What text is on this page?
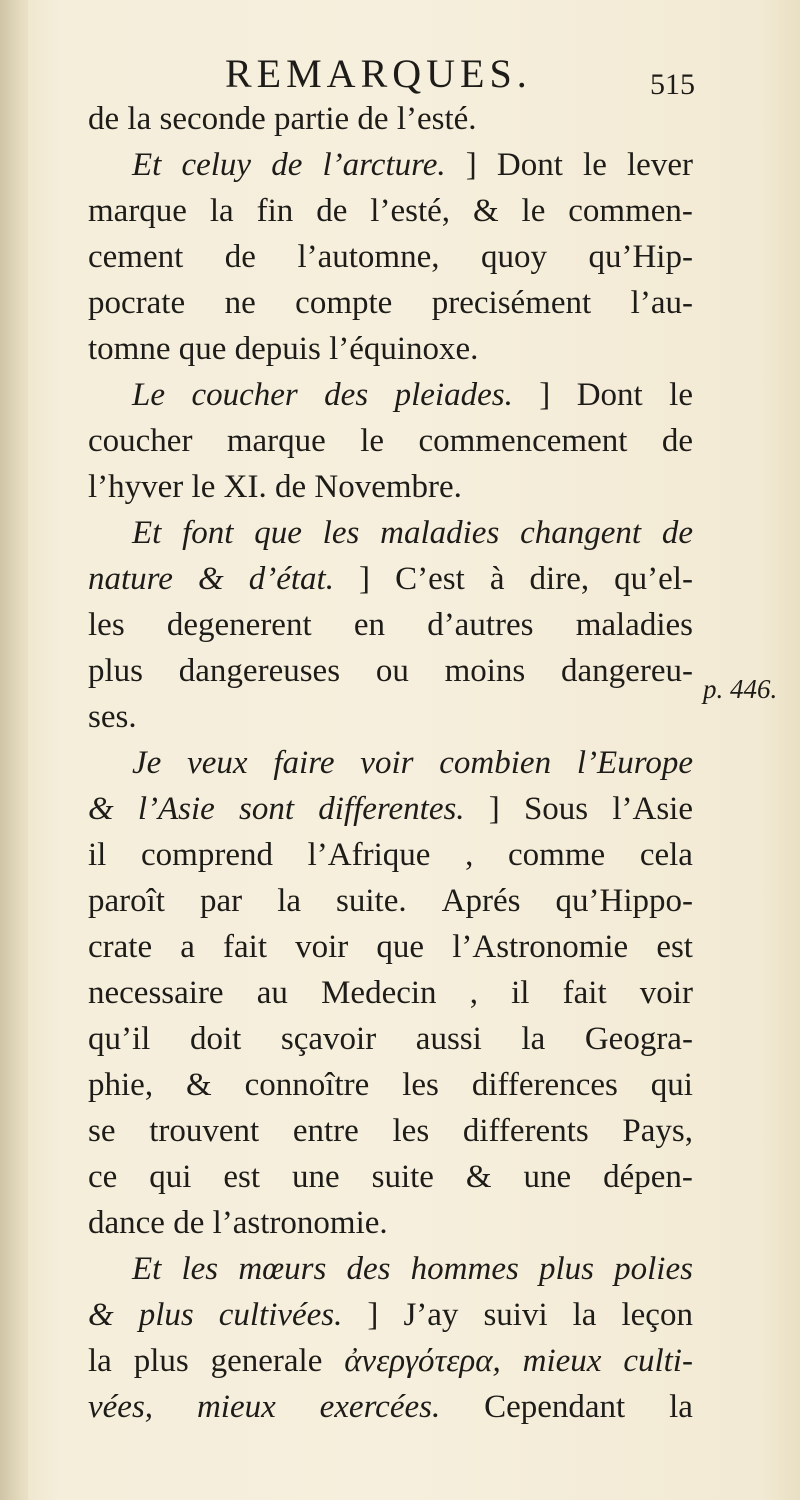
REMARQUES.	515
p. 446.
de la seconde partie de l’esté.
Et celuy de l’arcture. ] Dont le lever
marque la fin de l’esté, & le commen-
cement de l’automne, quoy qu’Hip-
pocrate ne compte precisément l’au-
tomne que depuis l’équinoxe.
Le coucher des pleiades. ] Dont le
coucher marque le commencement de
l’hyver le XI. de Novembre.
Et font que les maladies changent de
nature & d’état. ] C’est à dire, qu’el-
les degenerent en d’autres maladies
plus dangereuses ou moins dangereu-
ses.
Je veux faire voir combien l’Europe
& l’Asie sont differentes. ] Sous l’Asie
il comprend l’Afrique , comme cela
paroît par la suite. Aprés qu’Hippo-
crate a fait voir que l’Astronomie est
necessaire au Medecin , il fait voir
qu’il doit sçavoir aussi la Geogra-
phie, & connoître les differences qui
se trouvent entre les differents Pays,
ce qui est une suite & une dépen-
dance de l’astronomie.
Et les mœurs des hommes plus polies
& plus cultivées. ] J’ay suivi la leçon
la plus generale ἀνεργότερα, mieux culti-
vées, mieux exercées. Cependant la
